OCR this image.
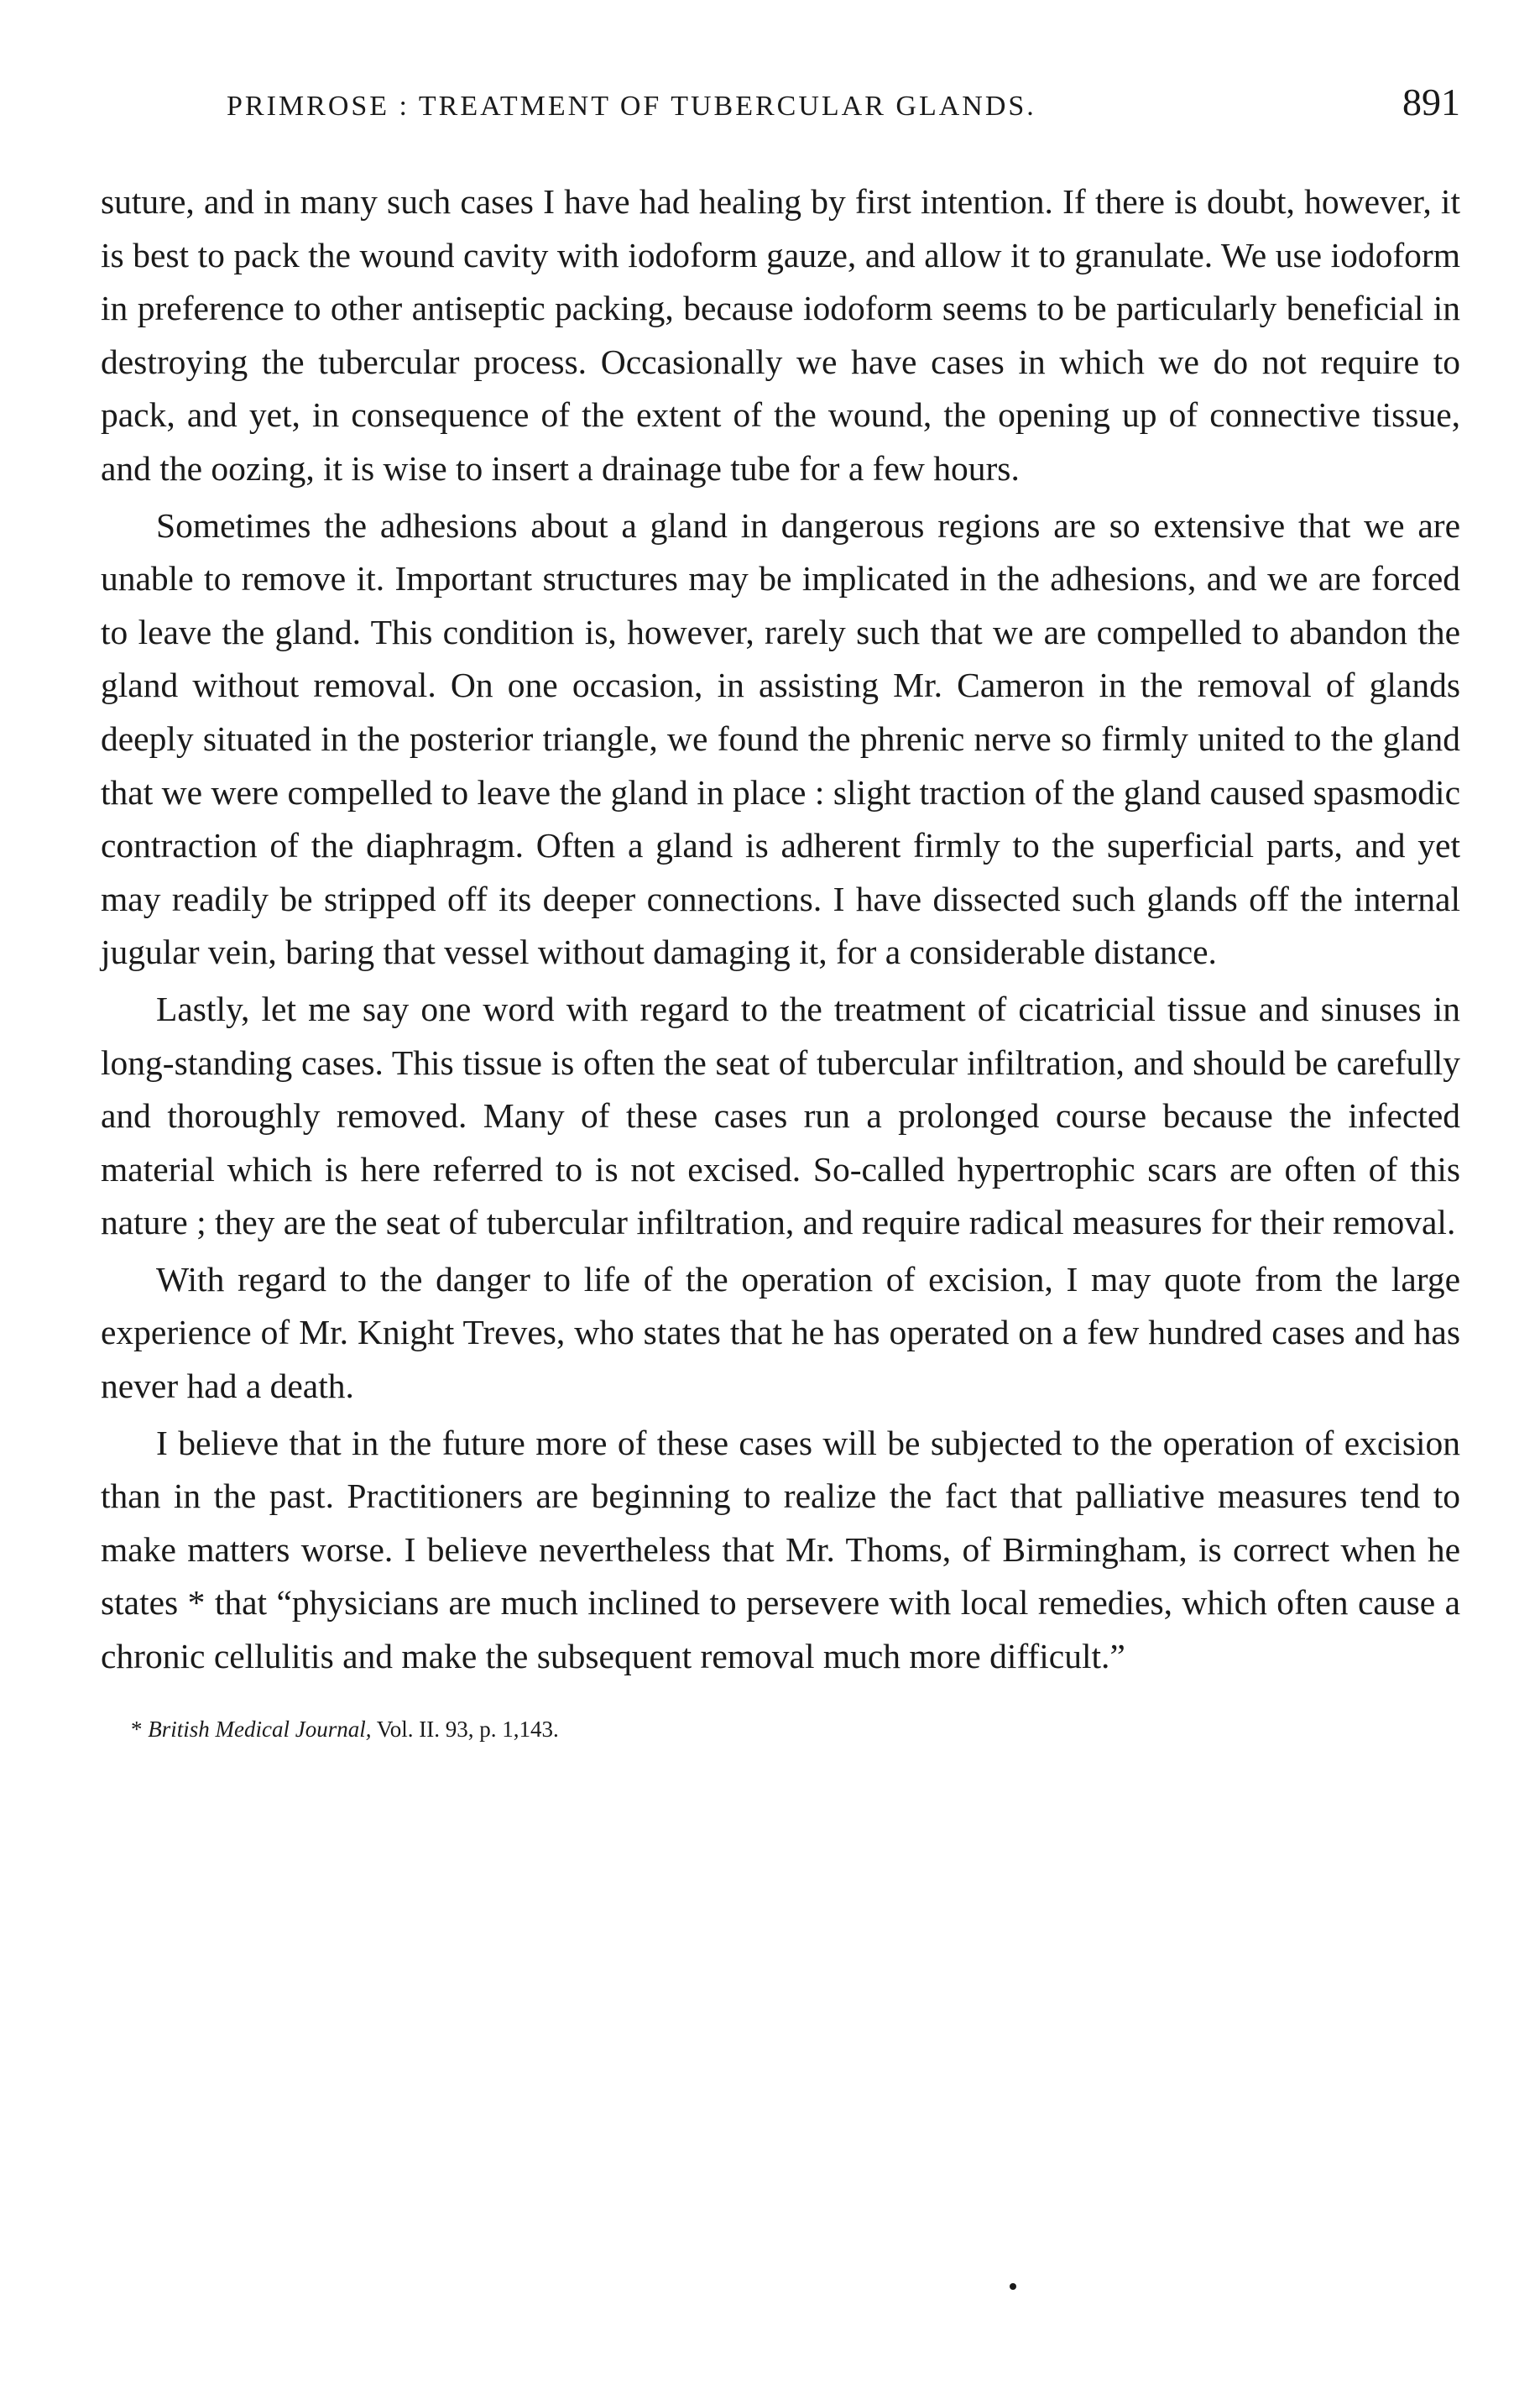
PRIMROSE : TREATMENT OF TUBERCULAR GLANDS.	891

suture, and in many such cases I have had healing by first intention. If there is doubt, however, it is best to pack the wound cavity with iodoform gauze, and allow it to granulate. We use iodoform in preference to other antiseptic packing, because iodoform seems to be particularly beneficial in destroying the tubercular process. Occasionally we have cases in which we do not require to pack, and yet, in consequence of the extent of the wound, the opening up of connective tissue, and the oozing, it is wise to insert a drainage tube for a few hours.

Sometimes the adhesions about a gland in dangerous regions are so extensive that we are unable to remove it. Important structures may be implicated in the adhesions, and we are forced to leave the gland. This condition is, however, rarely such that we are compelled to abandon the gland without removal. On one occasion, in assisting Mr. Cameron in the removal of glands deeply situated in the posterior triangle, we found the phrenic nerve so firmly united to the gland that we were compelled to leave the gland in place : slight traction of the gland caused spasmodic contraction of the diaphragm. Often a gland is adherent firmly to the superficial parts, and yet may readily be stripped off its deeper connections. I have dissected such glands off the internal jugular vein, baring that vessel without damaging it, for a considerable distance.

Lastly, let me say one word with regard to the treatment of cicatricial tissue and sinuses in long-standing cases. This tissue is often the seat of tubercular infiltration, and should be carefully and thoroughly removed. Many of these cases run a prolonged course because the infected material which is here referred to is not excised. So-called hypertrophic scars are often of this nature ; they are the seat of tubercular infiltration, and require radical measures for their removal.

With regard to the danger to life of the operation of excision, I may quote from the large experience of Mr. Knight Treves, who states that he has operated on a few hundred cases and has never had a death.

I believe that in the future more of these cases will be subjected to the operation of excision than in the past. Practitioners are beginning to realize the fact that palliative measures tend to make matters worse. I believe nevertheless that Mr. Thoms, of Birmingham, is correct when he states * that “physicians are much inclined to persevere with local remedies, which often cause a chronic cellulitis and make the subsequent removal much more difficult.”

* British Medical Journal, Vol. II. 93, p. 1,143.
